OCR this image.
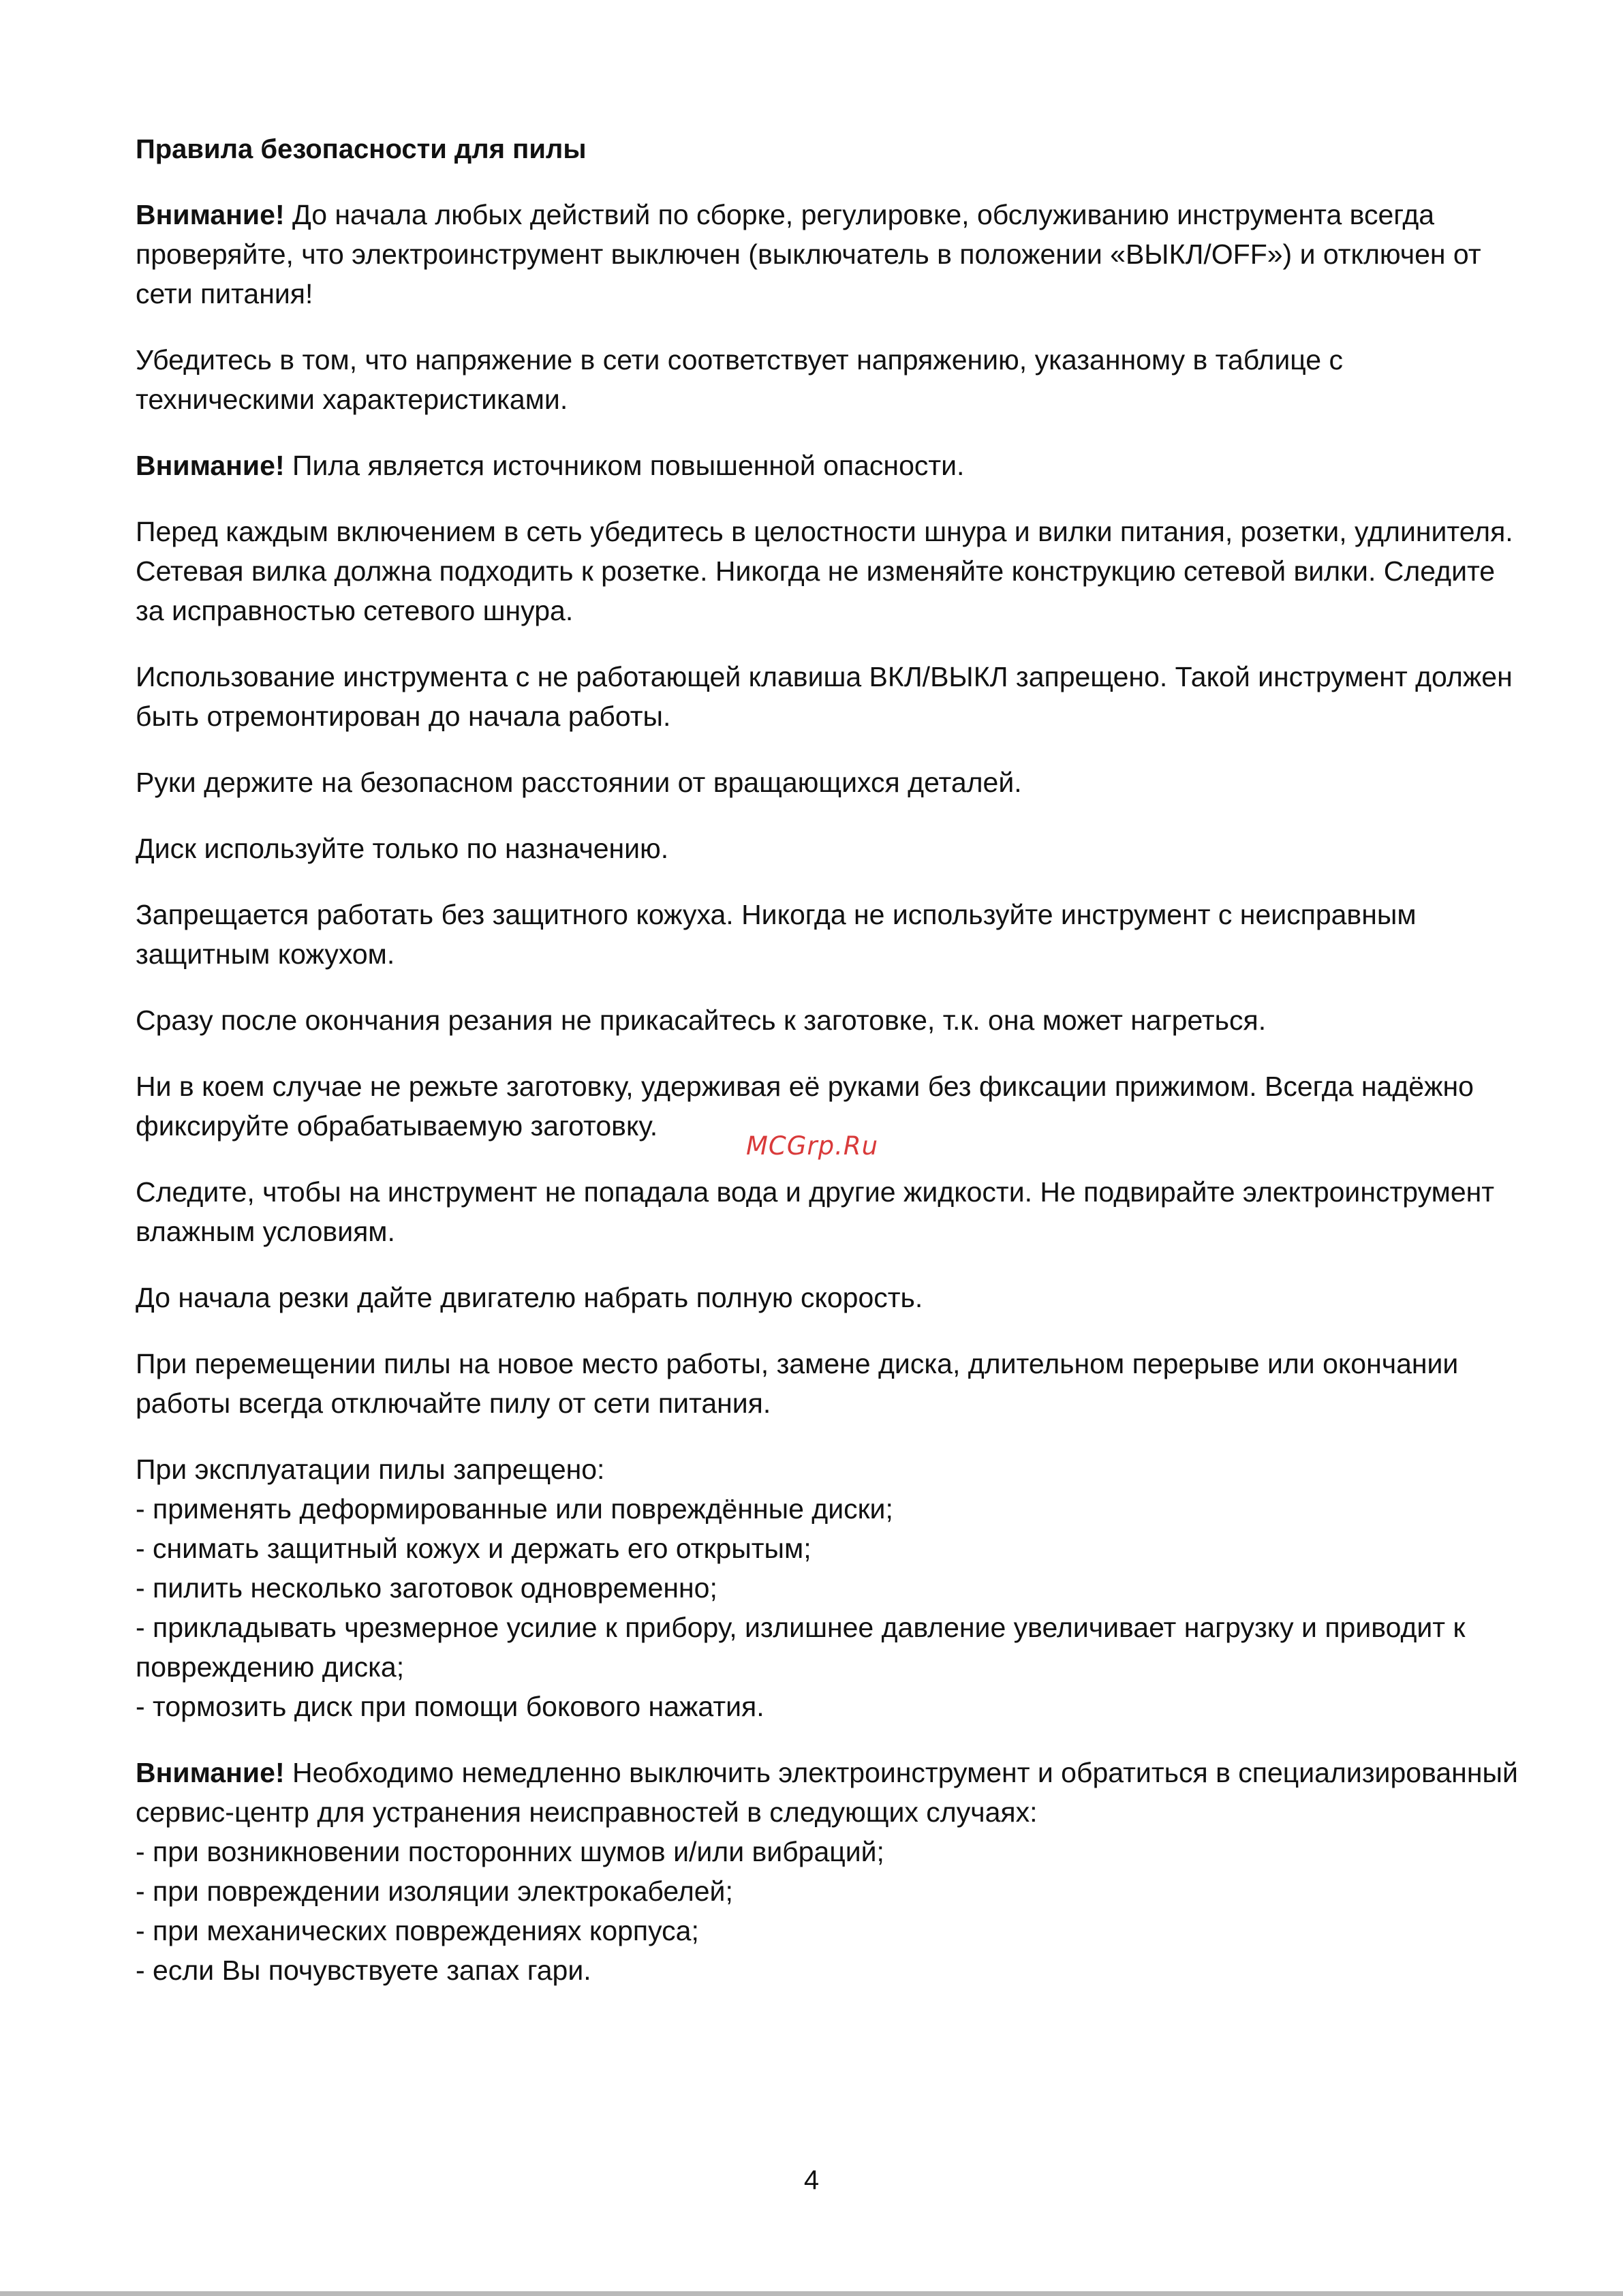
Правила безопасности для пилы
Внимание! До начала любых действий по сборке, регулировке, обслуживанию инструмента всегда проверяйте, что электроинструмент выключен (выключатель в положении «ВЫКЛ/OFF») и отключен от сети питания!
Убедитесь в том, что напряжение в сети соответствует напряжению, указанному в таблице с техническими характеристиками.
Внимание! Пила является источником повышенной опасности.
Перед каждым включением в сеть убедитесь в целостности шнура и вилки питания, розетки, удлинителя. Сетевая вилка должна подходить к розетке. Никогда не изменяйте конструкцию сетевой вилки. Следите за исправностью сетевого шнура.
Использование инструмента с не работающей клавиша ВКЛ/ВЫКЛ запрещено. Такой инструмент должен быть отремонтирован до начала работы.
Руки держите на безопасном расстоянии от вращающихся деталей.
Диск используйте только по назначению.
Запрещается работать без защитного кожуха. Никогда не используйте инструмент с неисправным защитным кожухом.
Сразу после окончания резания не прикасайтесь к заготовке, т.к. она может нагреться.
Ни в коем случае не режьте заготовку, удерживая её руками без фиксации прижимом. Всегда надёжно фиксируйте обрабатываемую заготовку.
Следите, чтобы на инструмент не попадала вода и другие жидкости. Не подвирайте электроинструмент влажным условиям.
До начала резки дайте двигателю набрать полную скорость.
При перемещении пилы на новое место работы, замене диска, длительном перерыве или окончании работы всегда отключайте пилу от сети питания.
При эксплуатации пилы запрещено:
- применять деформированные или повреждённые диски;
- снимать защитный кожух и держать его открытым;
- пилить несколько заготовок одновременно;
- прикладывать чрезмерное усилие к прибору, излишнее давление увеличивает нагрузку и приводит к повреждению диска;
- тормозить диск при помощи бокового нажатия.
Внимание! Необходимо немедленно выключить электроинструмент и обратиться в специализированный сервис-центр для устранения неисправностей в следующих случаях:
- при возникновении посторонних шумов и/или вибраций;
- при повреждении изоляции электрокабелей;
- при механических повреждениях корпуса;
- если Вы почувствуете запах гари.
MCGrp.Ru
4
